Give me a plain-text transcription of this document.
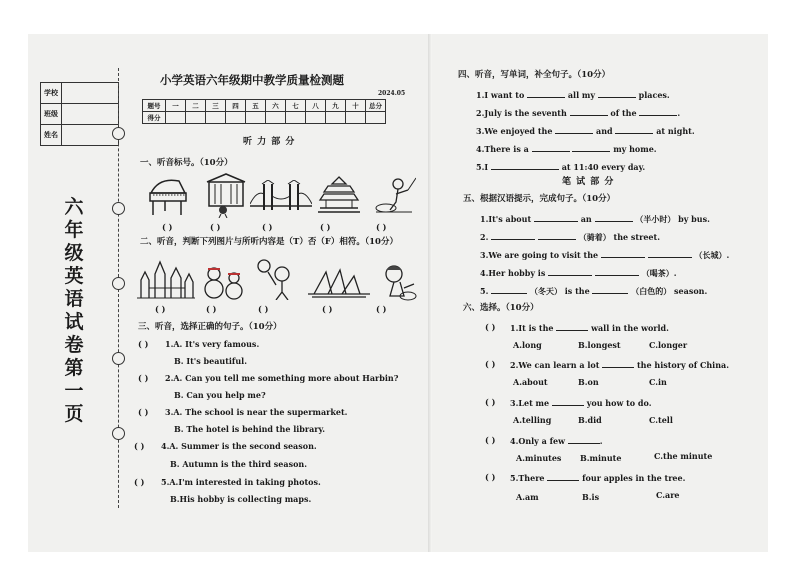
学校	
班级	
姓名	
六
年
级
英
语
试
卷
第
一
页
小学英语六年级期中教学质量检测题
2024.05
题号	一	二	三	四	五	六	七	八	九	十	总分
得分											
听 力 部 分
一、听音标号。（10分）
( )	( )	( )	( )	( )
二、听音，判断下列图片与所听内容是（T）否（F）相符。（10分）
( )	( )	( )	( )	( )
三、听音，选择正确的句子。（10分）
( ) 1.A. It's very famous.
B. It's beautiful.
( ) 2.A. Can you tell me something more about Harbin?
B. Can you help me?
( ) 3.A. The school is near the supermarket.
B. The hotel is behind the library.
( ) 4.A. Summer is the second season.
B. Autumn is the third season.
( ) 5.A.I'm interested in taking photos.
B.His hobby is collecting maps.
四、听音，写单词，补全句子。（10分）
1.I want to	all my	places.
2.July is the seventh	of the	.
3.We enjoyed the	and	at night.
4.There is a	my home.
5.I	at 11:40 every day.
笔 试 部 分
五、根据汉语提示，完成句子。（10分）
1.It's about	an	（半小时） by bus.
2.	（骑着） the street.
3.We are going to visit the	（长城）.
4.Her hobby is	（喝茶）.
5.	（冬天） is the	（白色的） season.
六、选择。（10分）
( ) 1.It is the	wall in the world.
A.long	B.longest	C.longer
( ) 2.We can learn a lot	the history of China.
A.about	B.on	C.in
( ) 3.Let me	you how to do.
A.telling	B.did	C.tell
( ) 4.Only a few	.
A.minutes B.minute	C.the minute
( ) 5.There	four apples in the tree.
A.am	B.is	C.are
